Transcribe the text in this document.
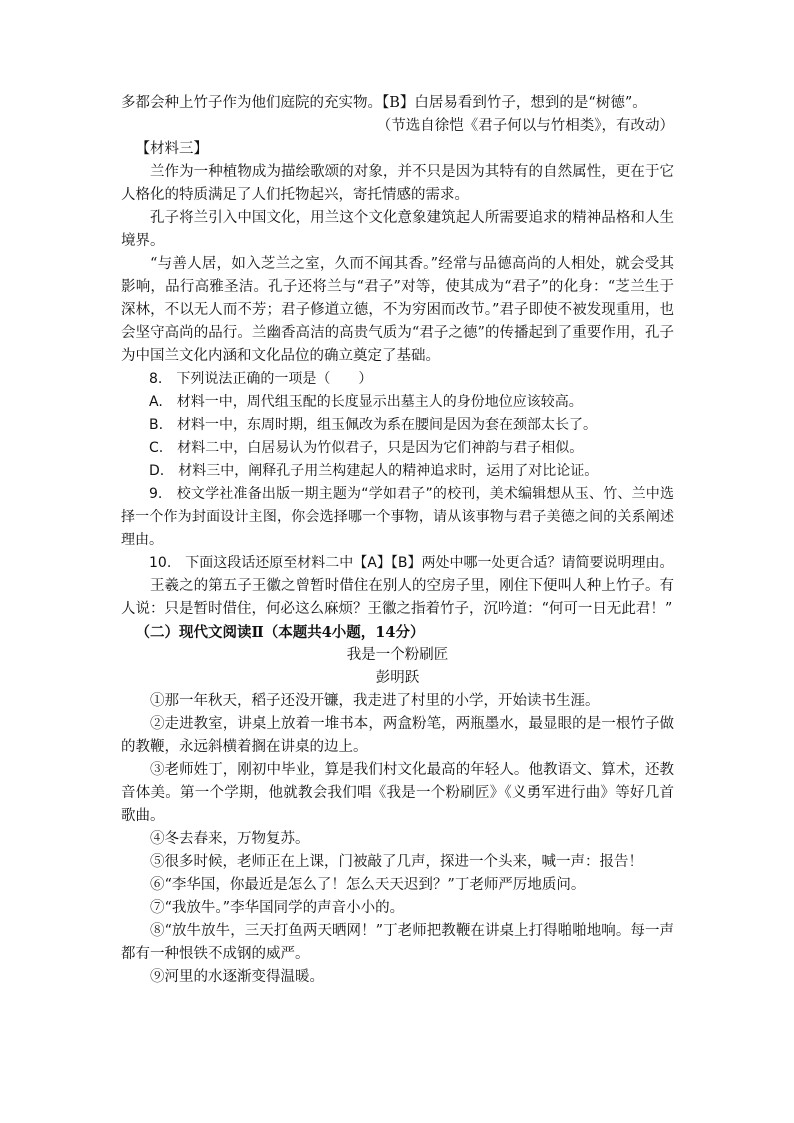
多都会种上竹子作为他们庭院的充实物。【B】白居易看到竹子，想到的是“树德”。

（节选自徐恺《君子何以与竹相类》，有改动）

【材料三】

兰作为一种植物成为描绘歌颂的对象，并不只是因为其特有的自然属性，更在于它人格化的特质满足了人们托物起兴，寄托情感的需求。

孔子将兰引入中国文化，用兰这个文化意象建筑起人所需要追求的精神品格和人生境界。

“与善人居，如入芝兰之室，久而不闻其香。”经常与品德高尚的人相处，就会受其影响，品行高雅圣洁。孔子还将兰与“君子”对等，使其成为“君子”的化身：“芝兰生于深林，不以无人而不芳；君子修道立德，不为穷困而改节。”君子即使不被发现重用，也会坚守高尚的品行。兰幽香高洁的高贵气质为“君子之德”的传播起到了重要作用，孔子为中国兰文化内涵和文化品位的确立奠定了基础。

8.　下列说法正确的一项是（　　）

A.　材料一中，周代组玉配的长度显示出墓主人的身份地位应该较高。

B.　材料一中，东周时期，组玉佩改为系在腰间是因为套在颈部太长了。

C.　材料二中，白居易认为竹似君子，只是因为它们神韵与君子相似。

D.　材料三中，阐释孔子用兰构建起人的精神追求时，运用了对比论证。

9.　校文学社准备出版一期主题为“学如君子”的校刊，美术编辑想从玉、竹、兰中选择一个作为封面设计主图，你会选择哪一个事物，请从该事物与君子美德之间的关系阐述理由。

10.　下面这段话还原至材料二中【A】【B】两处中哪一处更合适？请简要说明理由。

王羲之的第五子王徽之曾暂时借住在别人的空房子里，刚住下便叫人种上竹子。有人说：只是暂时借住，何必这么麻烦？王徽之指着竹子，沉吟道：“何可一日无此君！”

（二）现代文阅读Ⅱ（本题共4小题，14分）

我是一个粉刷匠

彭明跃

①那一年秋天，稻子还没开镰，我走进了村里的小学，开始读书生涯。

②走进教室，讲桌上放着一堆书本，两盒粉笔，两瓶墨水，最显眼的是一根竹子做的教鞭，永远斜横着搁在讲桌的边上。

③老师姓丁，刚初中毕业，算是我们村文化最高的年轻人。他教语文、算术，还教音体美。第一个学期，他就教会我们唱《我是一个粉刷匠》《义勇军进行曲》等好几首歌曲。

④冬去春来，万物复苏。

⑤很多时候，老师正在上课，门被敲了几声，探进一个头来，喊一声：报告！

⑥“李华国，你最近是怎么了！怎么天天迟到？”丁老师严厉地质问。

⑦“我放牛。”李华国同学的声音小小的。

⑧“放牛放牛，三天打鱼两天晒网！”丁老师把教鞭在讲桌上打得啪啪地响。每一声都有一种恨铁不成钢的威严。

⑨河里的水逐渐变得温暖。
